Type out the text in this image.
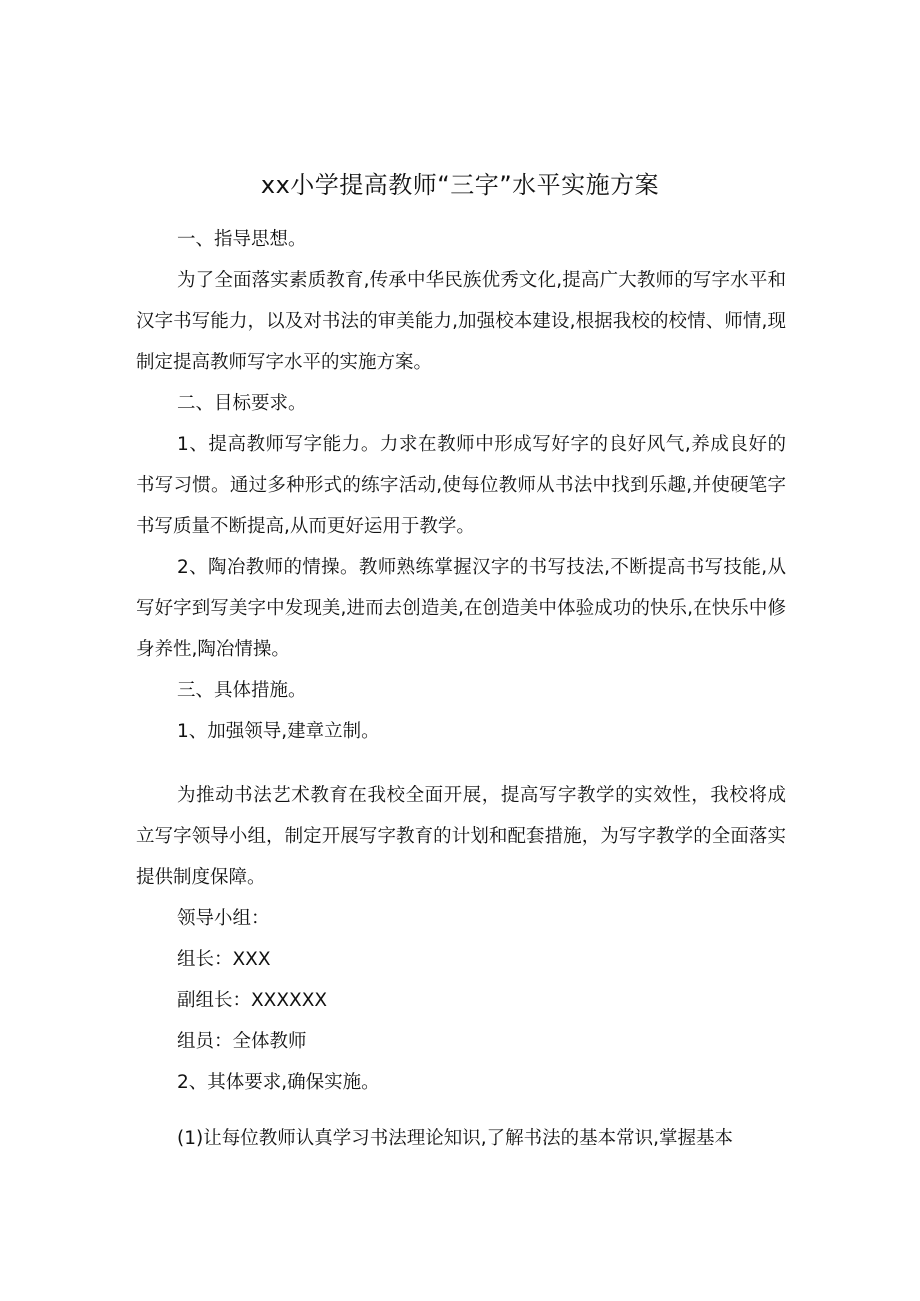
xx小学提高教师“三字”水平实施方案

一、指导思想。

为了全面落实素质教育,传承中华民族优秀文化,提高广大教师的写字水平和汉字书写能力，以及对书法的审美能力,加强校本建设,根据我校的校情、师情,现制定提高教师写字水平的实施方案。

二、目标要求。

1、提高教师写字能力。力求在教师中形成写好字的良好风气,养成良好的书写习惯。通过多种形式的练字活动,使每位教师从书法中找到乐趣,并使硬笔字书写质量不断提高,从而更好运用于教学。

2、陶冶教师的情操。教师熟练掌握汉字的书写技法,不断提高书写技能,从写好字到写美字中发现美,进而去创造美,在创造美中体验成功的快乐,在快乐中修身养性,陶冶情操。

三、具体措施。

1、加强领导,建章立制。

为推动书法艺术教育在我校全面开展，提高写字教学的实效性，我校将成立写字领导小组，制定开展写字教育的计划和配套措施，为写字教学的全面落实提供制度保障。

领导小组：

组长：XXX

副组长：XXXXXX

组员：全体教师

2、其体要求,确保实施。

(1)让每位教师认真学习书法理论知识,了解书法的基本常识,掌握基本
